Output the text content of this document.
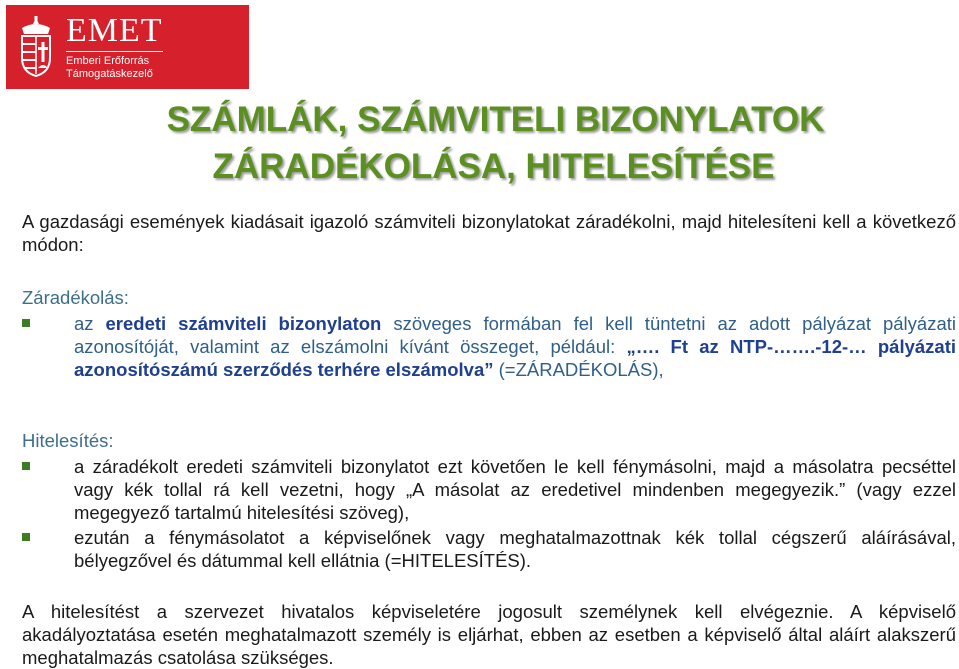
EMET
Emberi Erőforrás
Támogatáskezelő
SZÁMLÁK, SZÁMVITELI BIZONYLATOK
ZÁRADÉKOLÁSA, HITELESÍTÉSE
A gazdasági események kiadásait igazoló számviteli bizonylatokat záradékolni, majd hitelesíteni kell a következő módon:
Záradékolás:
az eredeti számviteli bizonylaton szöveges formában fel kell tüntetni az adott pályázat pályázati azonosítóját, valamint az elszámolni kívánt összeget, például: „…. Ft az NTP-…….-12-… pályázati azonosítószámú szerződés terhére elszámolva” (=ZÁRADÉKOLÁS),
Hitelesítés:
a záradékolt eredeti számviteli bizonylatot ezt követően le kell fénymásolni, majd a másolatra pecséttel vagy kék tollal rá kell vezetni, hogy „A másolat az eredetivel mindenben megegyezik.” (vagy ezzel megegyező tartalmú hitelesítési szöveg),
ezután a fénymásolatot a képviselőnek vagy meghatalmazottnak kék tollal cégszerű aláírásával, bélyegzővel és dátummal kell ellátnia (=HITELESÍTÉS).
A hitelesítést a szervezet hivatalos képviseletére jogosult személynek kell elvégeznie. A képviselő akadályoztatása esetén meghatalmazott személy is eljárhat, ebben az esetben a képviselő által aláírt alakszerű meghatalmazás csatolása szükséges.
